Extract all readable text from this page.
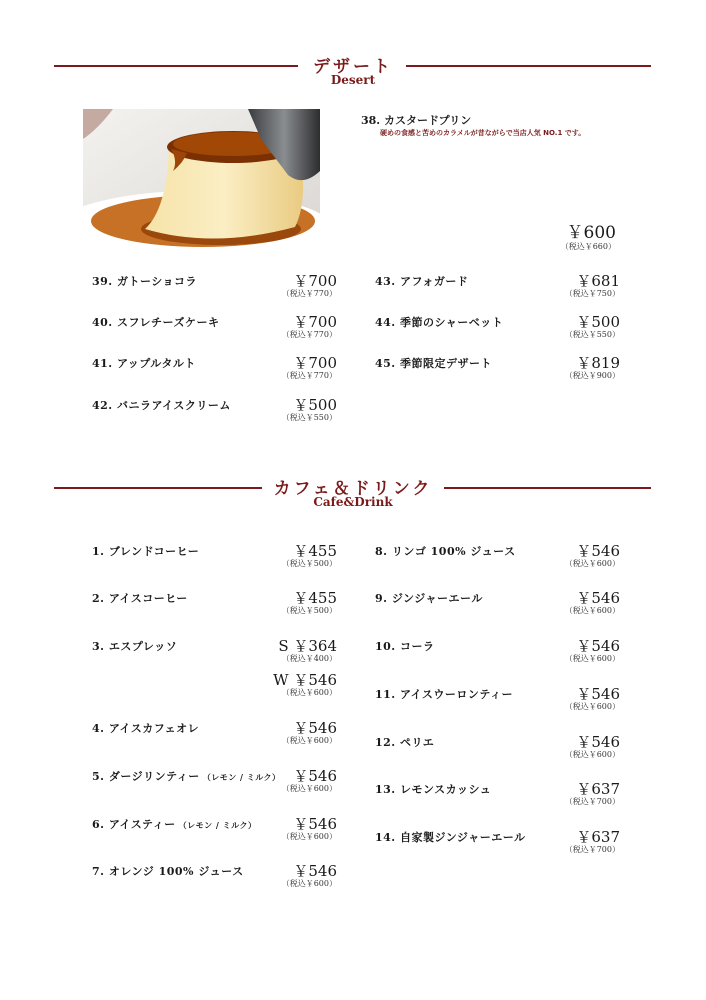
デザート
Desert
38. カスタードプリン
硬めの食感と苦めのカラメルが昔ながらで当店人気 NO.1 です。
￥600
（税込￥660）
39. ガトーショコラ	￥700
（税込￥770）
40. スフレチーズケーキ	￥700
（税込￥770）
41. アップルタルト	￥700
（税込￥770）
42. バニラアイスクリーム	￥500
（税込￥550）
43. アフォガード	￥681
（税込￥750）
44. 季節のシャーベット	￥500
（税込￥550）
45. 季節限定デザート	￥819
（税込￥900）
カフェ＆ドリンク
Cafe&Drink
1. ブレンドコーヒー	￥455
（税込￥500）
2. アイスコーヒー	￥455
（税込￥500）
3. エスプレッソ	S ￥364
（税込￥400）
W ￥546
（税込￥600）
4. アイスカフェオレ	￥546
（税込￥600）
5. ダージリンティー （レモン / ミルク） ￥546
（税込￥600）
6. アイスティー （レモン / ミルク）	￥546
（税込￥600）
7. オレンジ 100% ジュース	￥546
（税込￥600）
8. リンゴ 100% ジュース	￥546
（税込￥600）
9. ジンジャーエール	￥546
（税込￥600）
10. コーラ	￥546
（税込￥600）
11. アイスウーロンティー	￥546
（税込￥600）
12. ペリエ	￥546
（税込￥600）
13. レモンスカッシュ	￥637
（税込￥700）
14. 自家製ジンジャーエール	￥637
（税込￥700）
